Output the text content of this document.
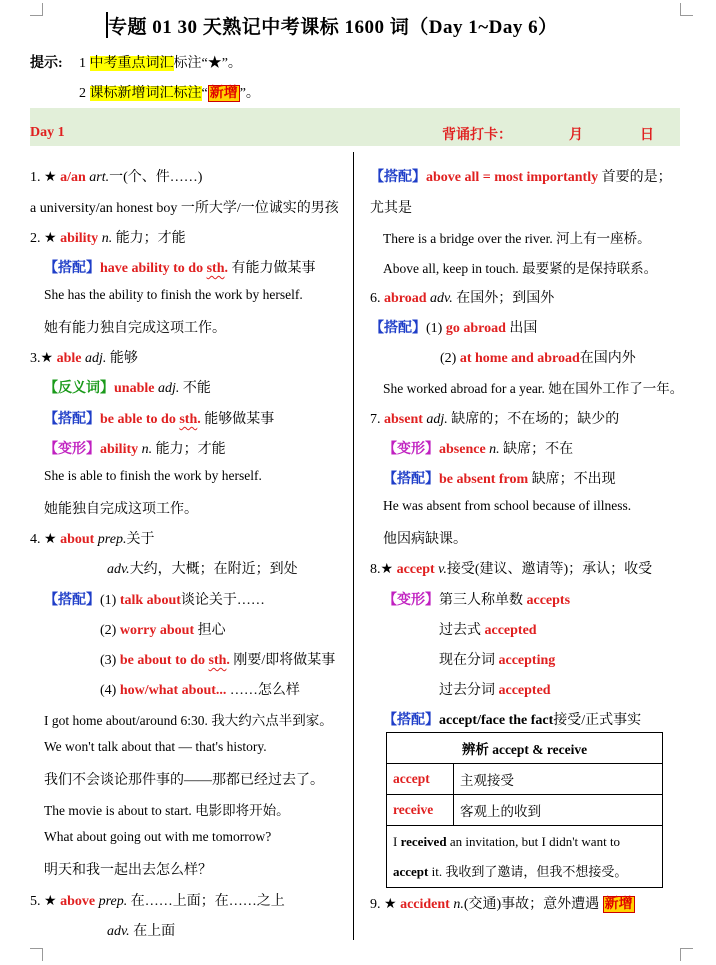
专题 01 30 天熟记中考课标 1600 词（Day 1~Day 6）
提示: 1 中考重点词汇标注“★”。
2 课标新增词汇标注“ 新增 ”。
Day 1	背诵打卡：	月	日
1. ★ a/an art.一(个、件……)
a university/an honest boy 一所大学/一位诚实的男孩
2. ★ ability n. 能力；才能
【搭配】have ability to do sth. 有能力做某事
She has the ability to finish the work by herself.
她有能力独自完成这项工作。
3.★ able adj. 能够
【反义词】unable adj. 不能
【搭配】be able to do sth. 能够做某事
【变形】ability n. 能力；才能
She is able to finish the work by herself.
她能独自完成这项工作。
4. ★ about prep.关于
adv.大约，大概；在附近；到处
【搭配】(1) talk about谈论关于……
(2) worry about 担心
(3) be about to do sth. 刚要/即将做某事
(4) how/what about... ……怎么样
I got home about/around 6:30. 我大约六点半到家。
We won't talk about that — that's history.
我们不会谈论那件事的——那都已经过去了。
The movie is about to start. 电影即将开始。
What about going out with me tomorrow?
明天和我一起出去怎么样？
5. ★ above prep. 在……上面；在……之上
adv. 在上面
【搭配】above all = most importantly 首要的是；
尤其是
There is a bridge over the river. 河上有一座桥。
Above all, keep in touch. 最要紧的是保持联系。
6. abroad adv. 在国外；到国外
【搭配】(1) go abroad 出国
(2) at home and abroad在国内外
She worked abroad for a year. 她在国外工作了一年。
7. absent adj. 缺席的；不在场的；缺少的
【变形】absence n. 缺席；不在
【搭配】be absent from 缺席；不出现
He was absent from school because of illness.
他因病缺课。
8.★ accept v.接受(建议、邀请等)；承认；收受
【变形】第三人称单数 accepts
过去式 accepted
现在分词 accepting
过去分词 accepted
【搭配】accept/face the fact接受/正式事实
辨析 accept & receive	
accept	主观接受
receive	客观上的收到
I received an invitation, but I didn't want to
accept it. 我收到了邀请，但我不想接受。	
9. ★ accident n.(交通)事故；意外遭遇 新增
